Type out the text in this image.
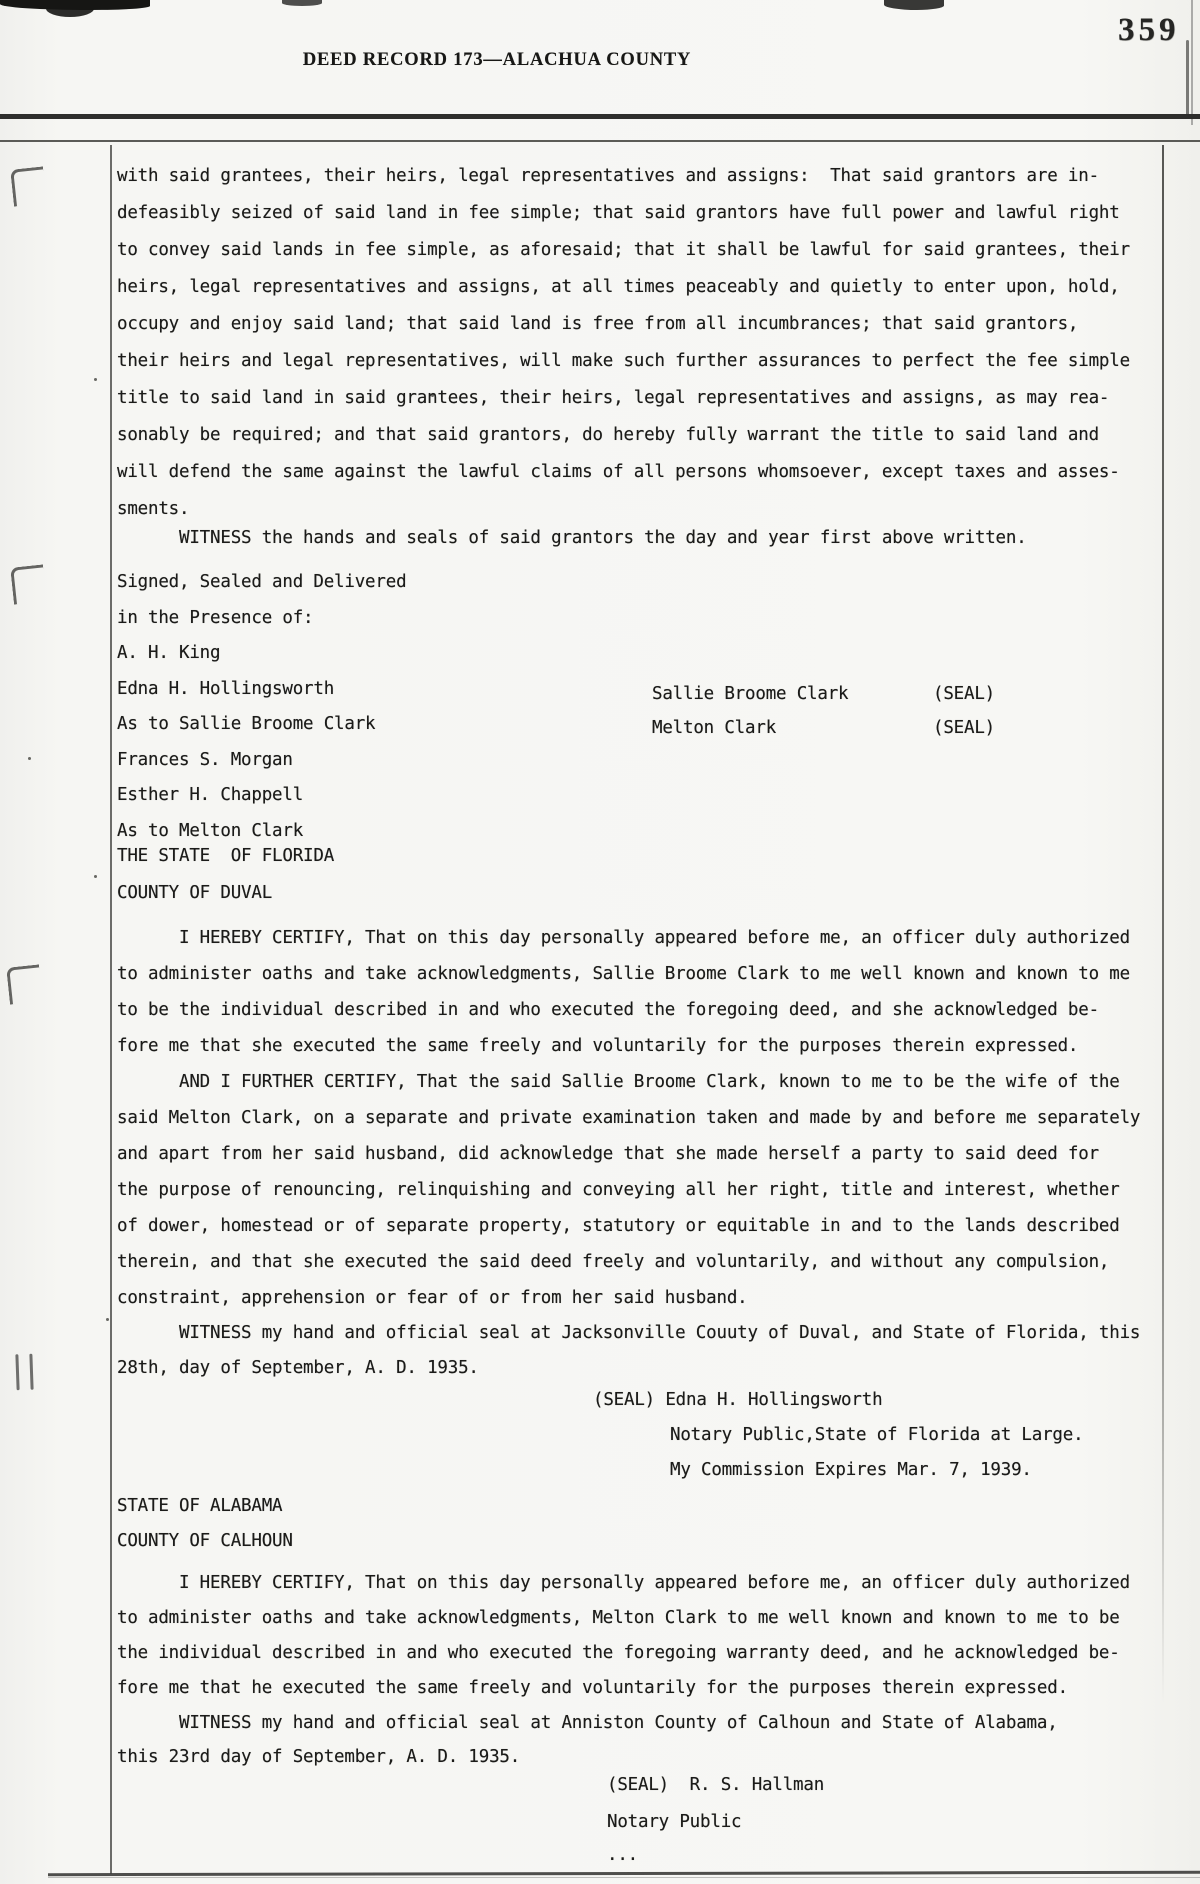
359
DEED RECORD 173—ALACHUA COUNTY
with said grantees, their heirs, legal representatives and assigns:  That said grantors are in-
defeasibly seized of said land in fee simple; that said grantors have full power and lawful right
to convey said lands in fee simple, as aforesaid; that it shall be lawful for said grantees, their
heirs, legal representatives and assigns, at all times peaceably and quietly to enter upon, hold,
occupy and enjoy said land; that said land is free from all incumbrances; that said grantors,
their heirs and legal representatives, will make such further assurances to perfect the fee simple
title to said land in said grantees, their heirs, legal representatives and assigns, as may rea-
sonably be required; and that said grantors, do hereby fully warrant the title to said land and
will defend the same against the lawful claims of all persons whomsoever, except taxes and asses-
sments.
WITNESS the hands and seals of said grantors the day and year first above written.
Signed, Sealed and Delivered
in the Presence of:
A. H. King
Edna H. Hollingsworth
As to Sallie Broome Clark
Frances S. Morgan
Esther H. Chappell
As to Melton Clark
Sallie Broome Clark	(SEAL)
Melton Clark	(SEAL)
THE STATE  OF FLORIDA
COUNTY OF DUVAL
I HEREBY CERTIFY, That on this day personally appeared before me, an officer duly authorized
to administer oaths and take acknowledgments, Sallie Broome Clark to me well known and known to me
to be the individual described in and who executed the foregoing deed, and she acknowledged be-
fore me that she executed the same freely and voluntarily for the purposes therein expressed.
AND I FURTHER CERTIFY, That the said Sallie Broome Clark, known to me to be the wife of the
said Melton Clark, on a separate and private examination taken and made by and before me separately
and apart from her said husband, did acknowledge that she made herself a party to said deed for
the purpose of renouncing, relinquishing and conveying all her right, title and interest, whether
of dower, homestead or of separate property, statutory or equitable in and to the lands described
therein, and that she executed the said deed freely and voluntarily, and without any compulsion,
constraint, apprehension or fear of or from her said husband.
WITNESS my hand and official seal at Jacksonville Couuty of Duval, and State of Florida, this
28th, day of September, A. D. 1935.
(SEAL) Edna H. Hollingsworth
Notary Public,State of Florida at Large.
My Commission Expires Mar. 7, 1939.
STATE OF ALABAMA
COUNTY OF CALHOUN
I HEREBY CERTIFY, That on this day personally appeared before me, an officer duly authorized
to administer oaths and take acknowledgments, Melton Clark to me well known and known to me to be
the individual described in and who executed the foregoing warranty deed, and he acknowledged be-
fore me that he executed the same freely and voluntarily for the purposes therein expressed.
WITNESS my hand and official seal at Anniston County of Calhoun and State of Alabama,
this 23rd day of September, A. D. 1935.
(SEAL)  R. S. Hallman
Notary Public
...
